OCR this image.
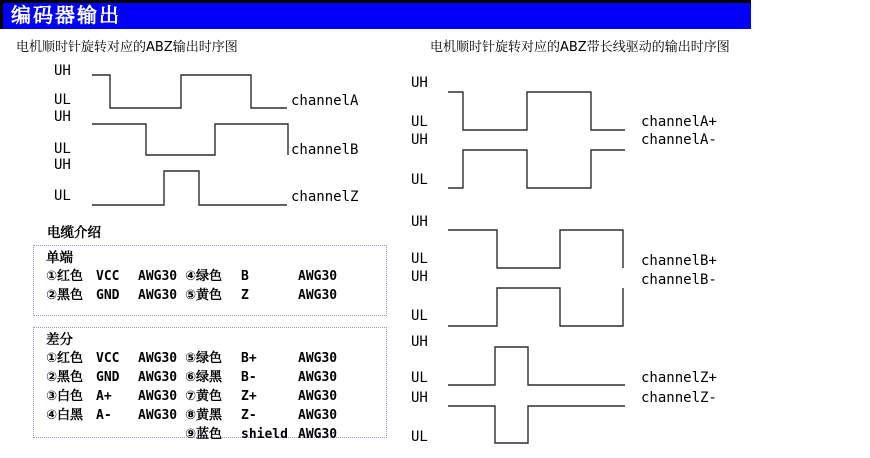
编码器输出
电机顺时针旋转对应的ABZ输出时序图	电机顺时针旋转对应的ABZ带长线驱动的输出时序图
UH
UL
UH
UL
UH
UL
channelA
channelB
channelZ
UH
UL
UH
UL
UH
UL
UH
UL
UH
UL
UH
UL
channelA+
channelA-
channelB+
channelB-
channelZ+
channelZ-
电缆介绍
单端
①红色 VCC	AWG30 ④绿色	B	AWG30
②黑色 GND	AWG30 ⑤黄色	Z	AWG30
差分
①红色 VCC	AWG30 ⑤绿色	B+	AWG30
②黑色 GND	AWG30 ⑥绿黑	B-	AWG30
③白色 A+	AWG30 ⑦黄色	Z+	AWG30
④白黑 A-	AWG30 ⑧黄黑	Z-	AWG30
⑨蓝色	shield AWG30
